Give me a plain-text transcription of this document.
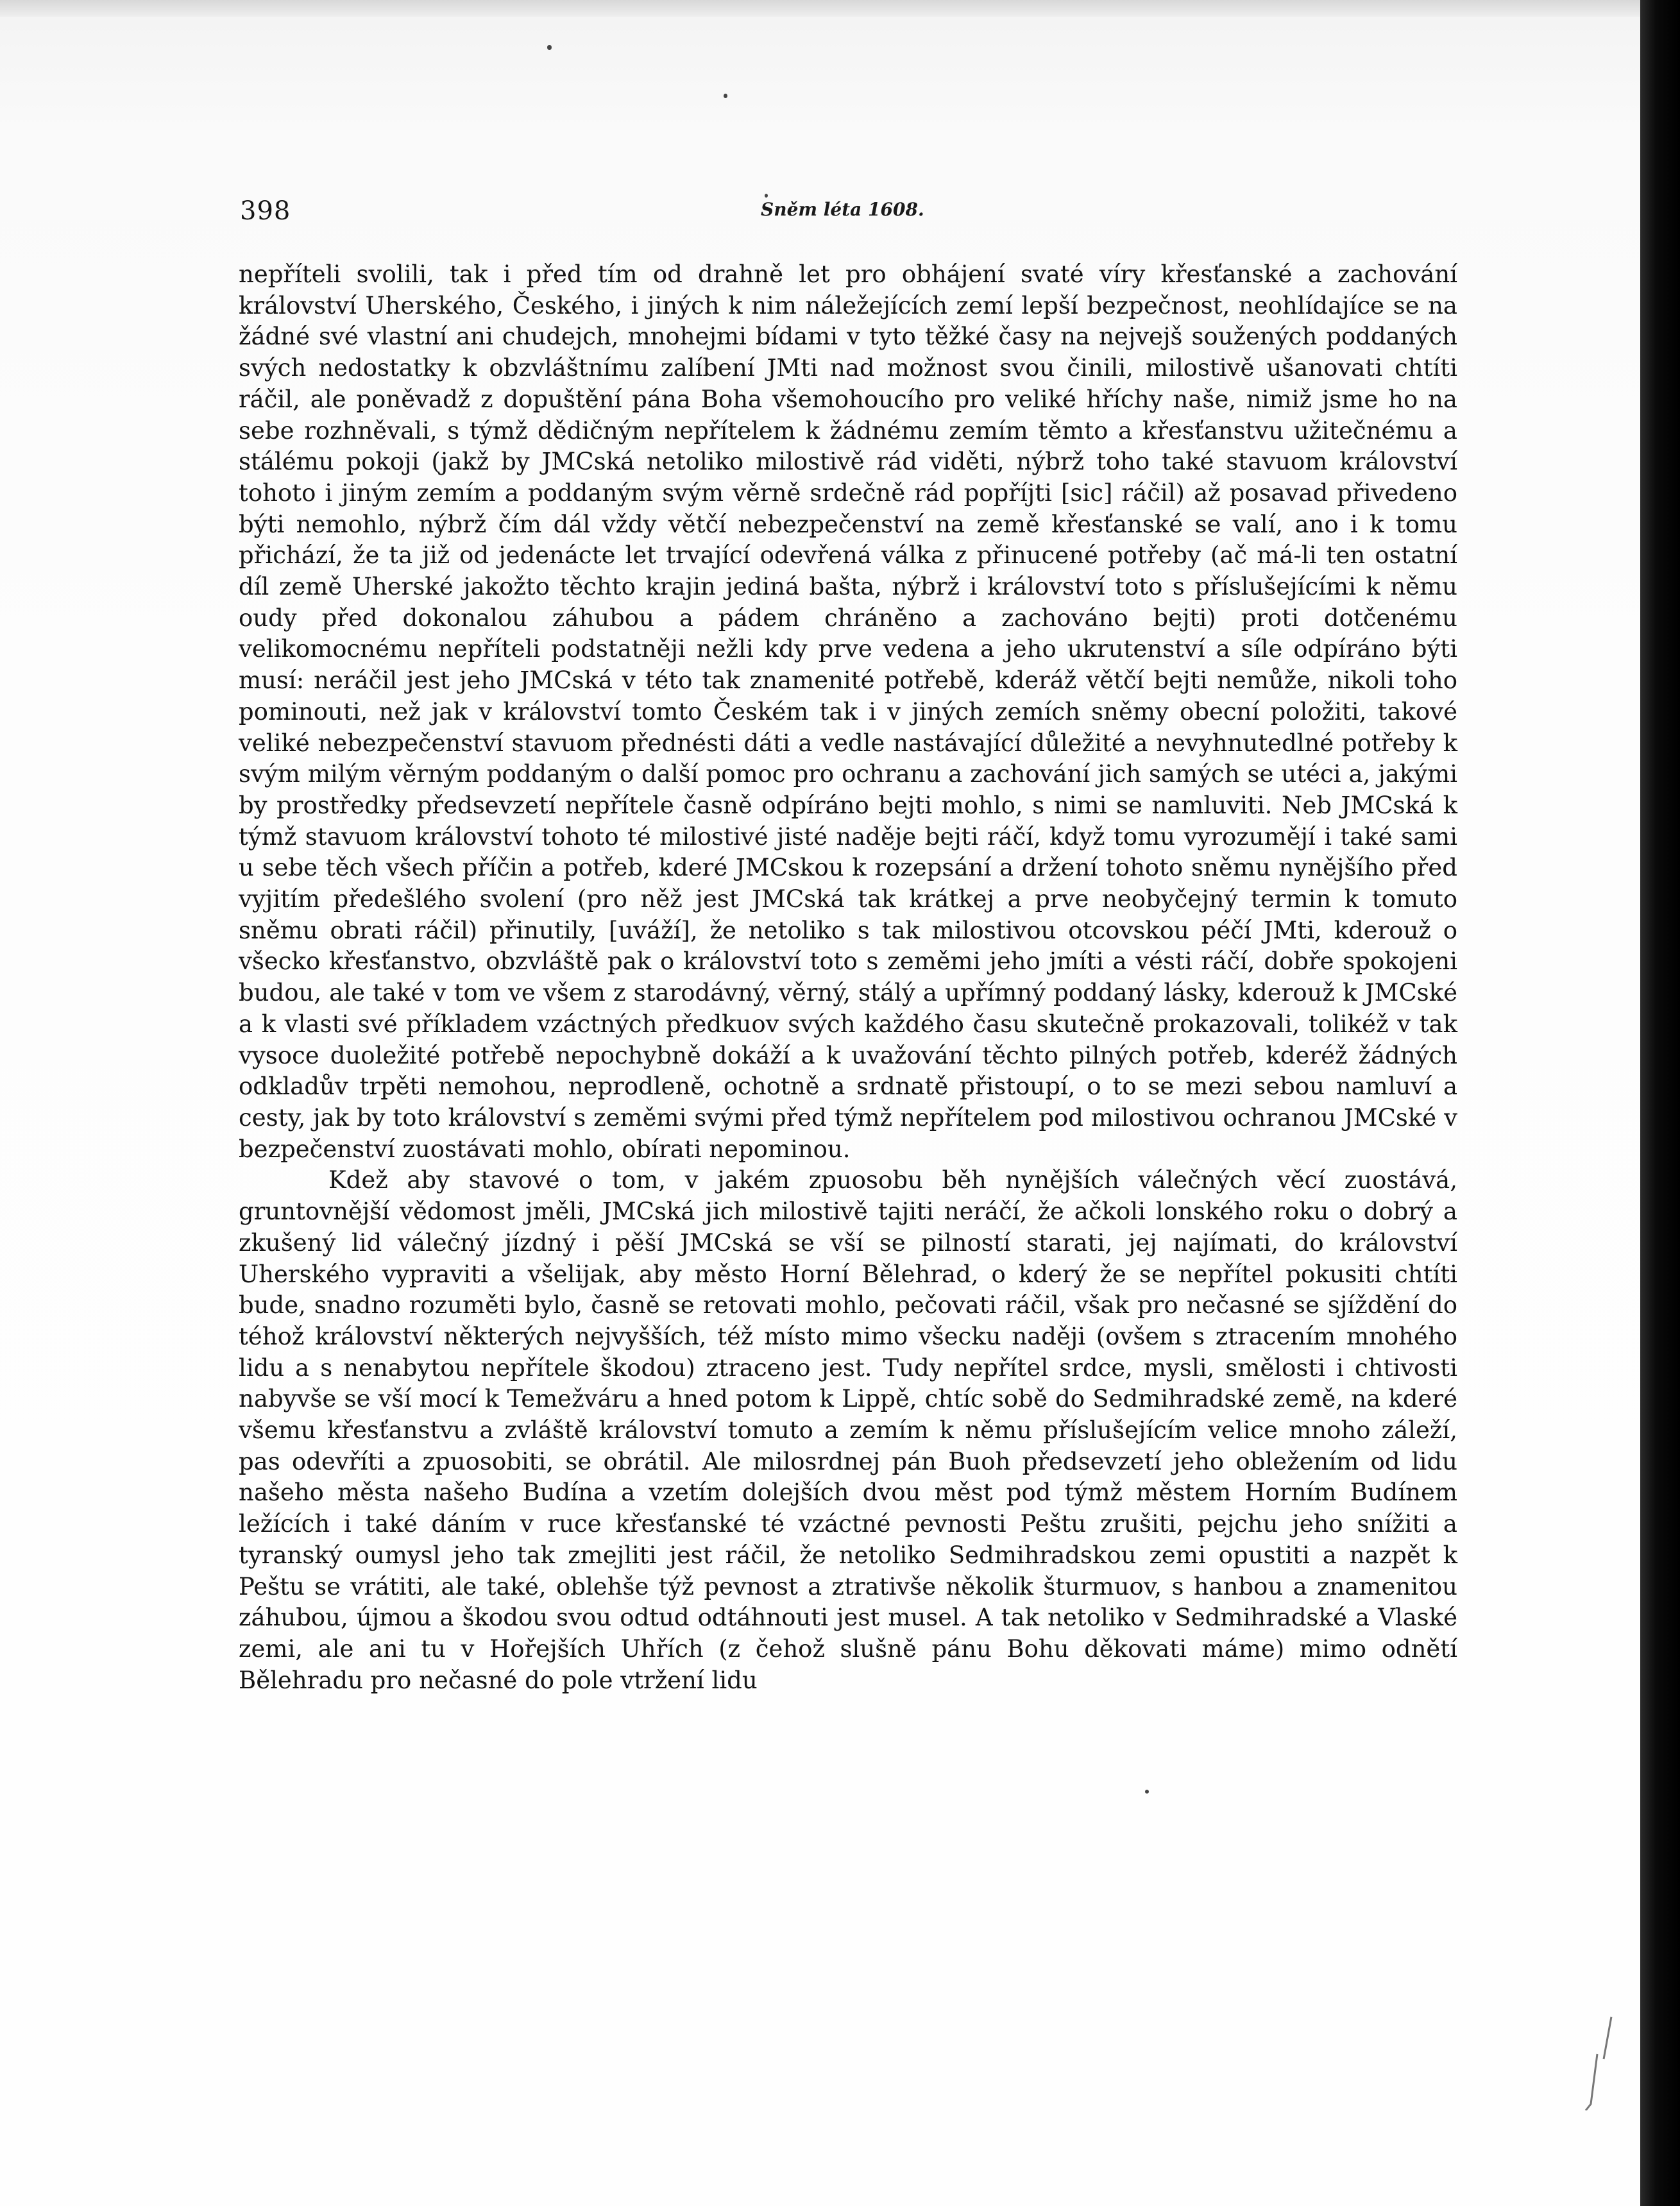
398	Sněm léta 1608.

nepříteli svolili, tak i před tím od drahně let pro obhájení svaté víry křesťanské a zachování království Uherského, Českého, i jiných k nim náležejících zemí lepší bezpečnost, neohlídajíce se na žádné své vlastní ani chudejch, mnohejmi bídami v tyto těžké časy na nejvejš soužených poddaných svých nedostatky k obzvláštnímu zalíbení JMti nad možnost svou činili, milostivě ušanovati chtíti ráčil, ale poněvadž z dopuštění pána Boha všemohoucího pro veliké hříchy naše, nimiž jsme ho na sebe rozhněvali, s týmž dědičným nepřítelem k žádnému zemím těmto a křesťanstvu užitečnému a stálému pokoji (jakž by JMCská netoliko milostivě rád viděti, nýbrž toho také stavuom království tohoto i jiným zemím a poddaným svým věrně srdečně rád popříjti [sic] ráčil) až posavad přivedeno býti nemohlo, nýbrž čím dál vždy větčí nebezpečenství na země křesťanské se valí, ano i k tomu přichází, že ta již od jedenácte let trvající odevřená válka z přinucené potřeby (ač má-li ten ostatní díl země Uherské jakožto těchto krajin jediná bašta, nýbrž i království toto s příslušejícími k němu oudy před dokonalou záhubou a pádem chráněno a zachováno bejti) proti dotčenému velikomocnému nepříteli podstatněji nežli kdy prve vedena a jeho ukrutenství a síle odpíráno býti musí: neráčil jest jeho JMCská v této tak znamenité potřebě, kderáž větčí bejti nemůže, nikoli toho pominouti, než jak v království tomto Českém tak i v jiných zemích sněmy obecní položiti, takové veliké nebezpečenství stavuom přednésti dáti a vedle nastávající důležité a nevyhnutedlné potřeby k svým milým věrným poddaným o další pomoc pro ochranu a zachování jich samých se utéci a, jakými by prostředky předsevzetí nepřítele časně odpíráno bejti mohlo, s nimi se namluviti. Neb JMCská k týmž stavuom království tohoto té milostivé jisté naděje bejti ráčí, když tomu vyrozumějí i také sami u sebe těch všech příčin a potřeb, kderé JMCskou k rozepsání a držení tohoto sněmu nynějšího před vyjitím předešlého svolení (pro něž jest JMCská tak krátkej a prve neobyčejný termin k tomuto sněmu obrati ráčil) přinutily, [uváží], že netoliko s tak milostivou otcovskou péčí JMti, kderouž o všecko křesťanstvo, obzvláště pak o království toto s zeměmi jeho jmíti a vésti ráčí, dobře spokojeni budou, ale také v tom ve všem z starodávný, věrný, stálý a upřímný poddaný lásky, kderouž k JMCské a k vlasti své příkladem vzáctných předkuov svých každého času skutečně prokazovali, tolikéž v tak vysoce duoležité potřebě nepochybně dokáží a k uvažování těchto pilných potřeb, kderéž žádných odkladův trpěti nemohou, neprodleně, ochotně a srdnatě přistoupí, o to se mezi sebou namluví a cesty, jak by toto království s zeměmi svými před týmž nepřítelem pod milostivou ochranou JMCské v bezpečenství zuostávati mohlo, obírati nepominou.

Kdež aby stavové o tom, v jakém zpuosobu běh nynějších válečných věcí zuostává, gruntovnější vědomost jměli, JMCská jich milostivě tajiti neráčí, že ačkoli lonského roku o dobrý a zkušený lid válečný jízdný i pěší JMCská se vší se pilností starati, jej najímati, do království Uherského vypraviti a všelijak, aby město Horní Bělehrad, o kderý že se nepřítel pokusiti chtíti bude, snadno rozuměti bylo, časně se retovati mohlo, pečovati ráčil, však pro nečasné se sjíždění do téhož království některých nejvyšších, též místo mimo všecku naději (ovšem s ztracením mnohého lidu a s nenabytou nepřítele škodou) ztraceno jest. Tudy nepřítel srdce, mysli, smělosti i chtivosti nabyvše se vší mocí k Temežváru a hned potom k Lippě, chtíc sobě do Sedmihradské země, na kderé všemu křesťanstvu a zvláště království tomuto a zemím k němu příslušejícím velice mnoho záleží, pas odevříti a zpuosobiti, se obrátil. Ale milosrdnej pán Buoh předsevzetí jeho obležením od lidu našeho města našeho Budína a vzetím dolejších dvou měst pod týmž městem Horním Budínem ležících i také dáním v ruce křesťanské té vzáctné pevnosti Peštu zrušiti, pejchu jeho snížiti a tyranský oumysl jeho tak zmejliti jest ráčil, že netoliko Sedmihradskou zemi opustiti a nazpět k Peštu se vrátiti, ale také, oblehše týž pevnost a ztrativše několik šturmuov, s hanbou a znamenitou záhubou, újmou a škodou svou odtud odtáhnouti jest musel. A tak netoliko v Sedmihradské a Vlaské zemi, ale ani tu v Hořejších Uhřích (z čehož slušně pánu Bohu děkovati máme) mimo odnětí Bělehradu pro nečasné do pole vtržení lidu
